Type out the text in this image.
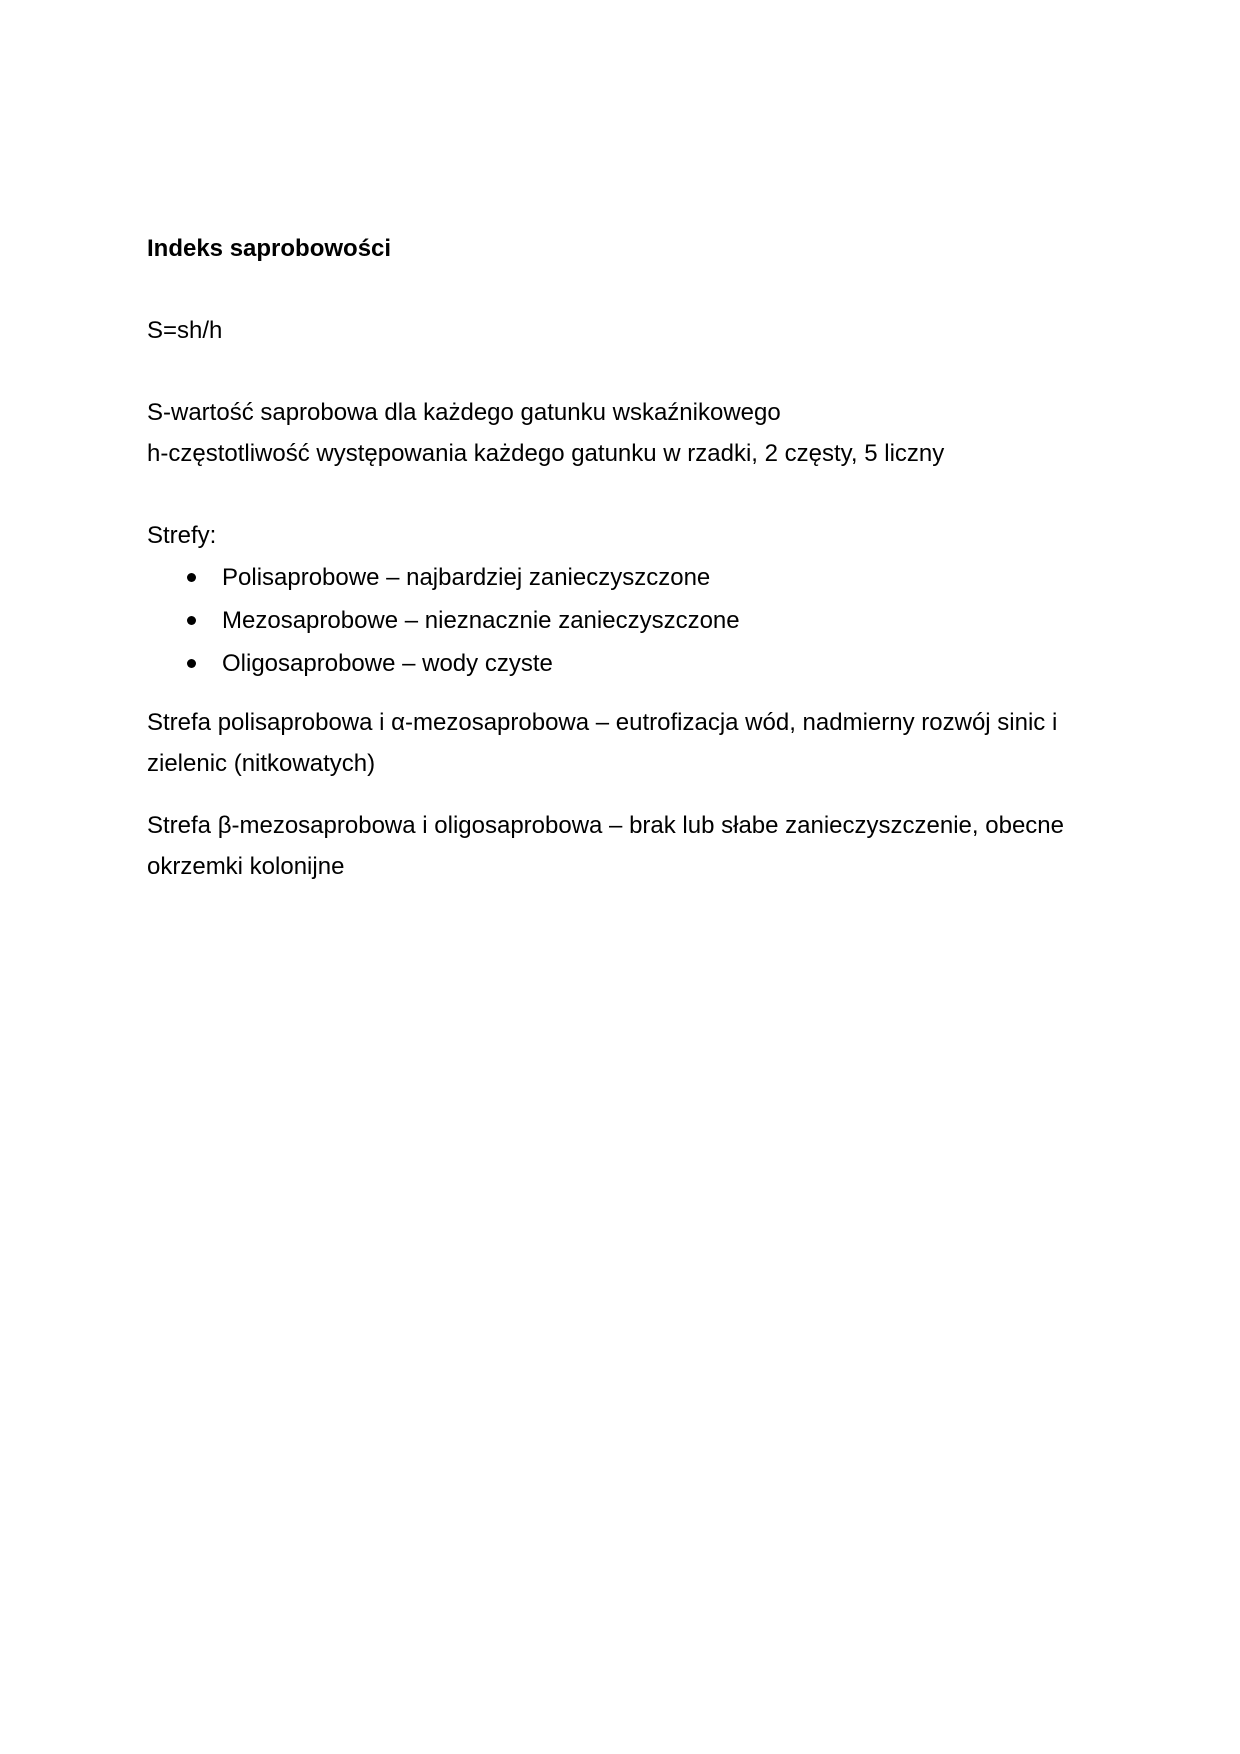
Indeks saprobowości
S=sh/h
S-wartość saprobowa dla każdego gatunku wskaźnikowego
h-częstotliwość występowania każdego gatunku w rzadki, 2 częsty, 5 liczny
Strefy:
Polisaprobowe – najbardziej zanieczyszczone
Mezosaprobowe – nieznacznie zanieczyszczone
Oligosaprobowe – wody czyste
Strefa polisaprobowa i α-mezosaprobowa – eutrofizacja wód, nadmierny rozwój sinic i zielenic (nitkowatych)
Strefa β-mezosaprobowa i oligosaprobowa – brak lub słabe zanieczyszczenie, obecne okrzemki kolonijne
